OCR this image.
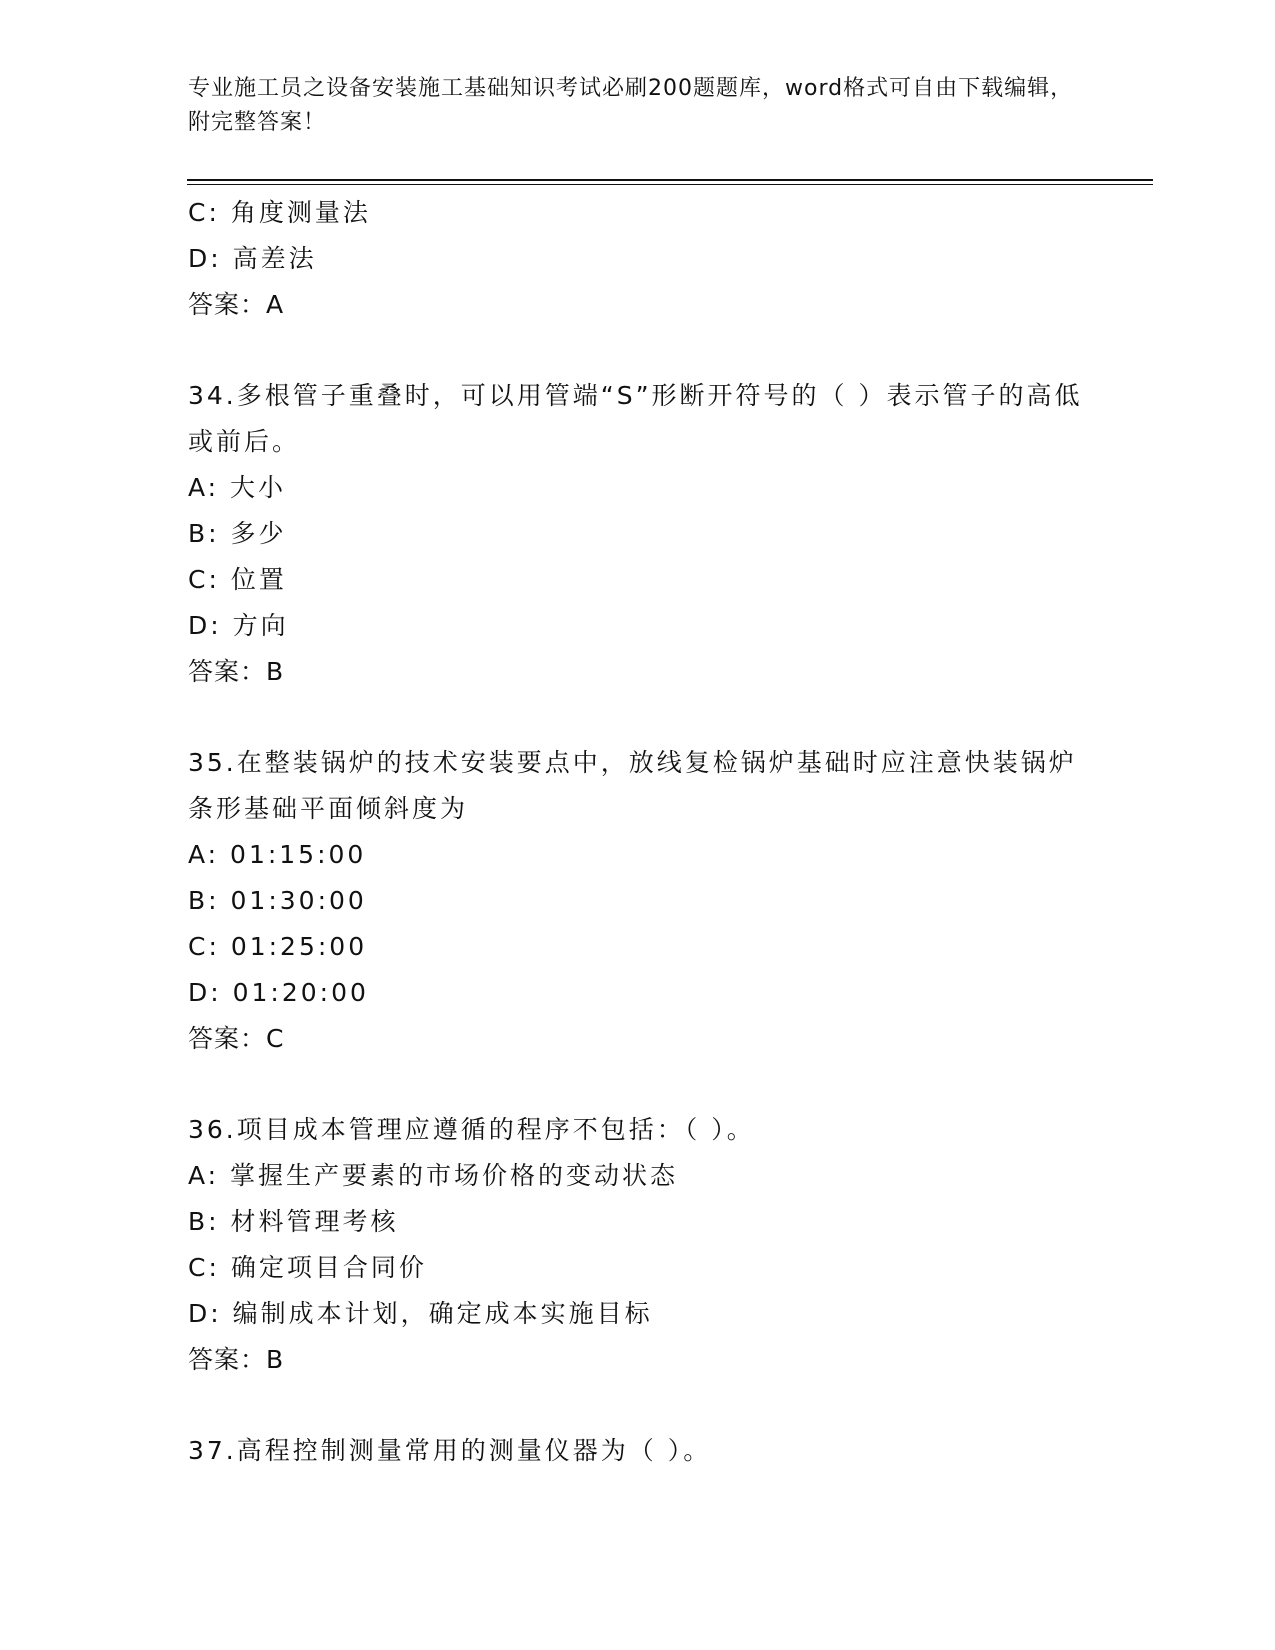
专业施工员之设备安装施工基础知识考试必刷200题题库，word格式可自由下载编辑，附完整答案！
C: 角度测量法
D: 高差法
答案：A
34.多根管子重叠时，可以用管端“S”形断开符号的（ ）表示管子的高低或前后。
A: 大小
B: 多少
C: 位置
D: 方向
答案：B
35.在整装锅炉的技术安装要点中，放线复检锅炉基础时应注意快装锅炉条形基础平面倾斜度为
A: 01:15:00
B: 01:30:00
C: 01:25:00
D: 01:20:00
答案：C
36.项目成本管理应遵循的程序不包括：（ ）。
A: 掌握生产要素的市场价格的变动状态
B: 材料管理考核
C: 确定项目合同价
D: 编制成本计划，确定成本实施目标
答案：B
37.高程控制测量常用的测量仪器为（ ）。
